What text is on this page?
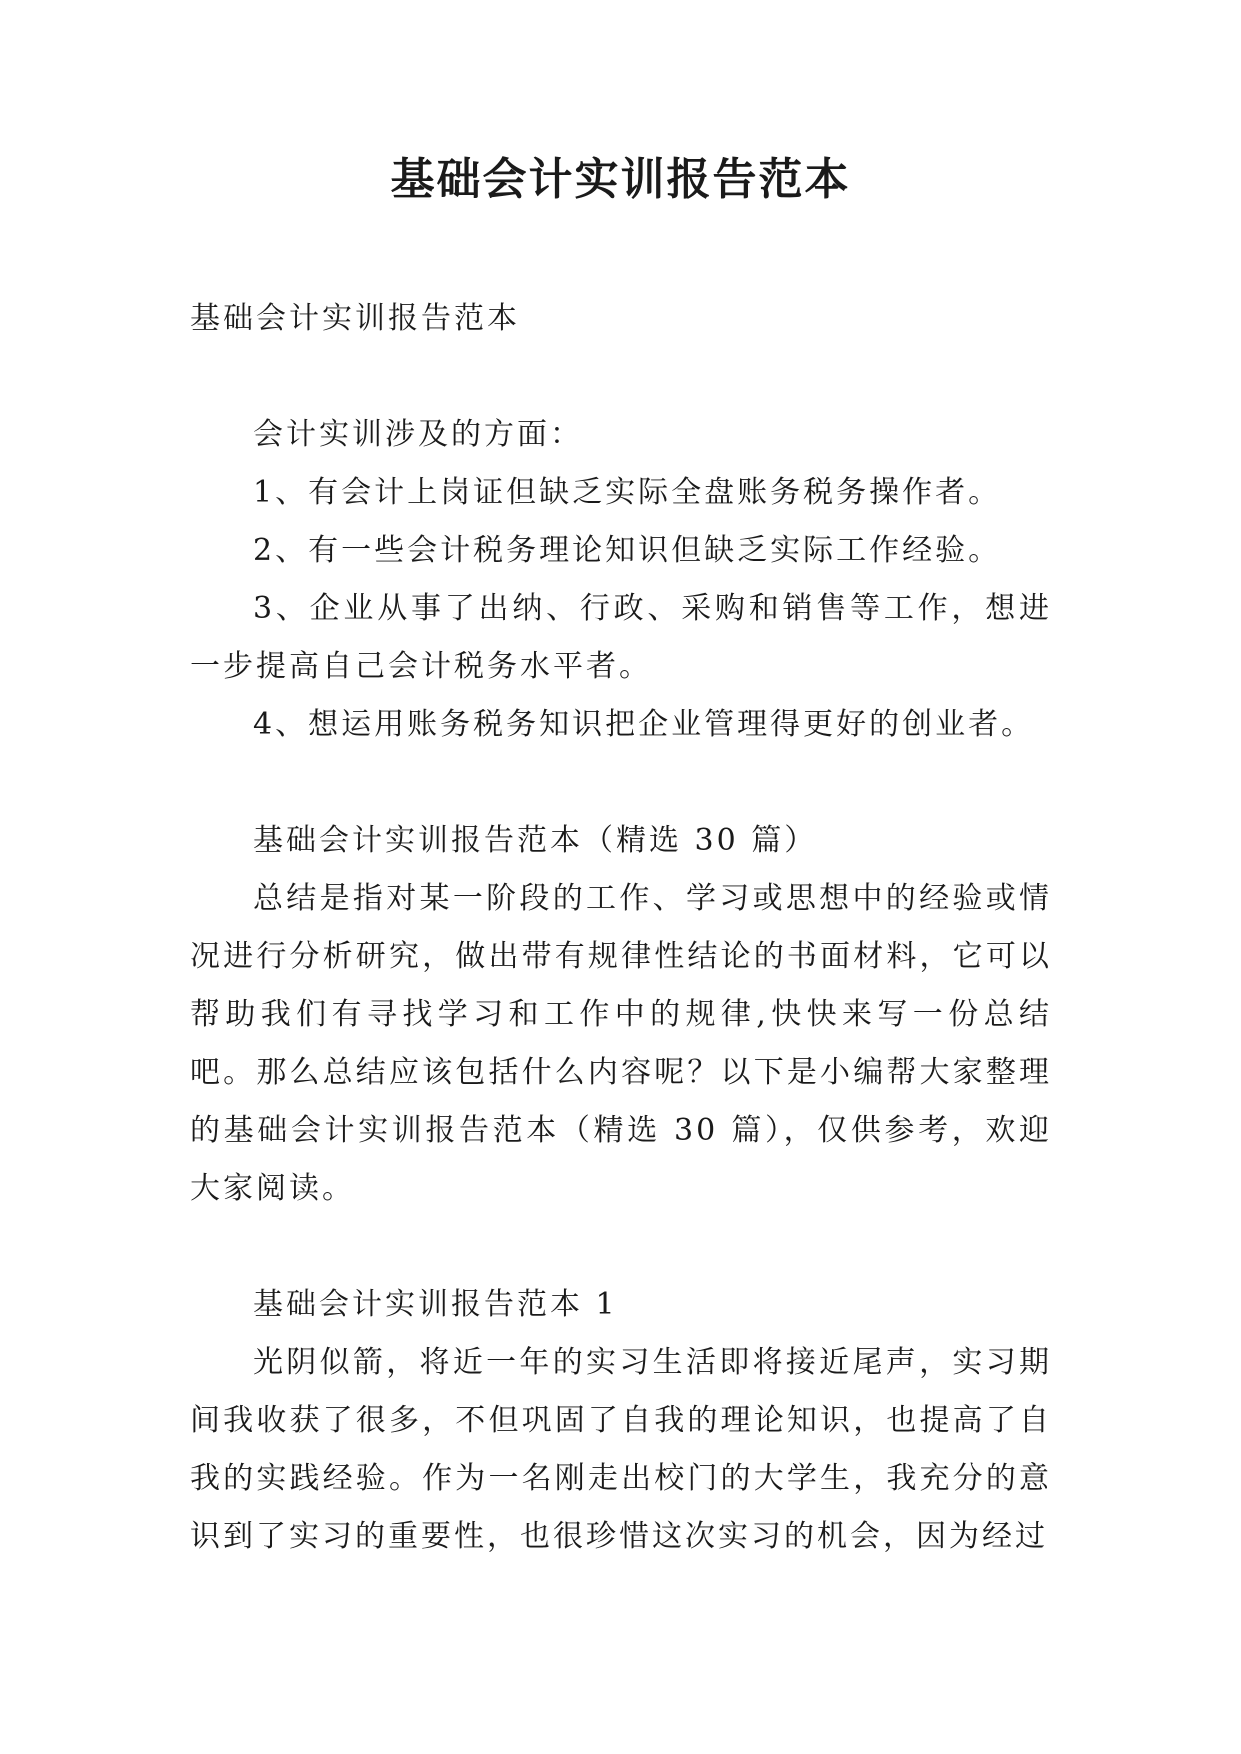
基础会计实训报告范本

基础会计实训报告范本

会计实训涉及的方面：

1、有会计上岗证但缺乏实际全盘账务税务操作者。

2、有一些会计税务理论知识但缺乏实际工作经验。

3、企业从事了出纳、行政、采购和销售等工作，想进一步提高自己会计税务水平者。

4、想运用账务税务知识把企业管理得更好的创业者。

基础会计实训报告范本（精选 30 篇）

总结是指对某一阶段的工作、学习或思想中的经验或情况进行分析研究，做出带有规律性结论的书面材料，它可以帮助我们有寻找学习和工作中的规律,快快来写一份总结吧。那么总结应该包括什么内容呢？以下是小编帮大家整理的基础会计实训报告范本（精选 30 篇），仅供参考，欢迎大家阅读。

基础会计实训报告范本 1

光阴似箭，将近一年的实习生活即将接近尾声，实习期间我收获了很多，不但巩固了自我的理论知识，也提高了自我的实践经验。作为一名刚走出校门的大学生，我充分的意识到了实习的重要性，也很珍惜这次实习的机会，因为经过
